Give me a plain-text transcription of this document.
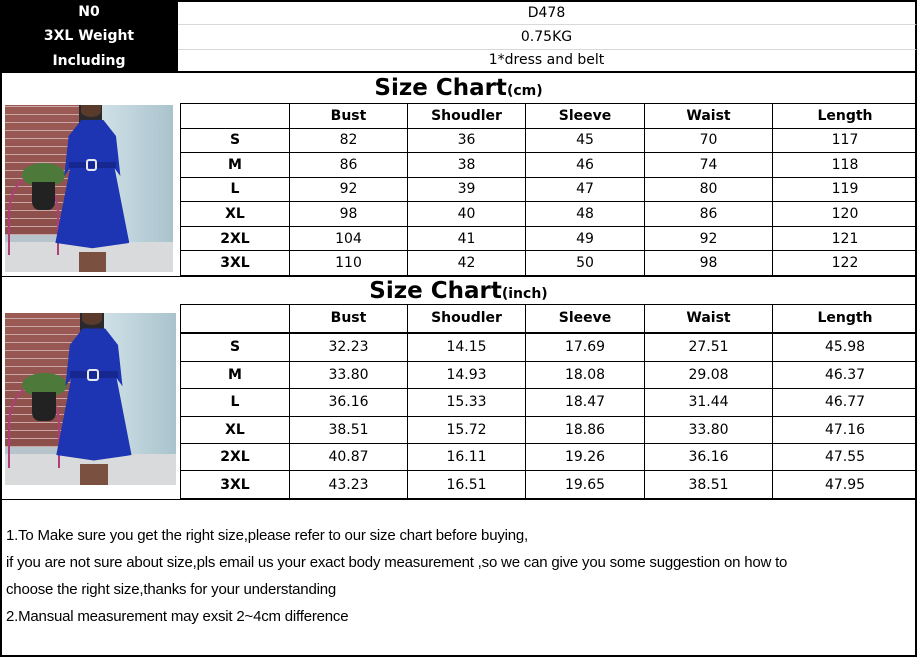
N0	D478
3XL Weight	0.75KG
Including	1*dress and belt
Size Chart (cm)
	Bust	Shoudler	Sleeve	Waist	Length
S	82	36	45	70	117
M	86	38	46	74	118
L	92	39	47	80	119
XL	98	40	48	86	120
2XL	104	41	49	92	121
3XL	110	42	50	98	122
Size Chart (inch)
	Bust	Shoudler	Sleeve	Waist	Length
S	32.23	14.15	17.69	27.51	45.98
M	33.80	14.93	18.08	29.08	46.37
L	36.16	15.33	18.47	31.44	46.77
XL	38.51	15.72	18.86	33.80	47.16
2XL	40.87	16.11	19.26	36.16	47.55
3XL	43.23	16.51	19.65	38.51	47.95

1.To Make sure you get the right size,please refer to our size chart before buying,

if you are not sure about size,pls email us your exact body measurement ,so we can give you some suggestion on how to

choose the right size,thanks for your understanding

2.Mansual measurement may exsit 2~4cm difference
